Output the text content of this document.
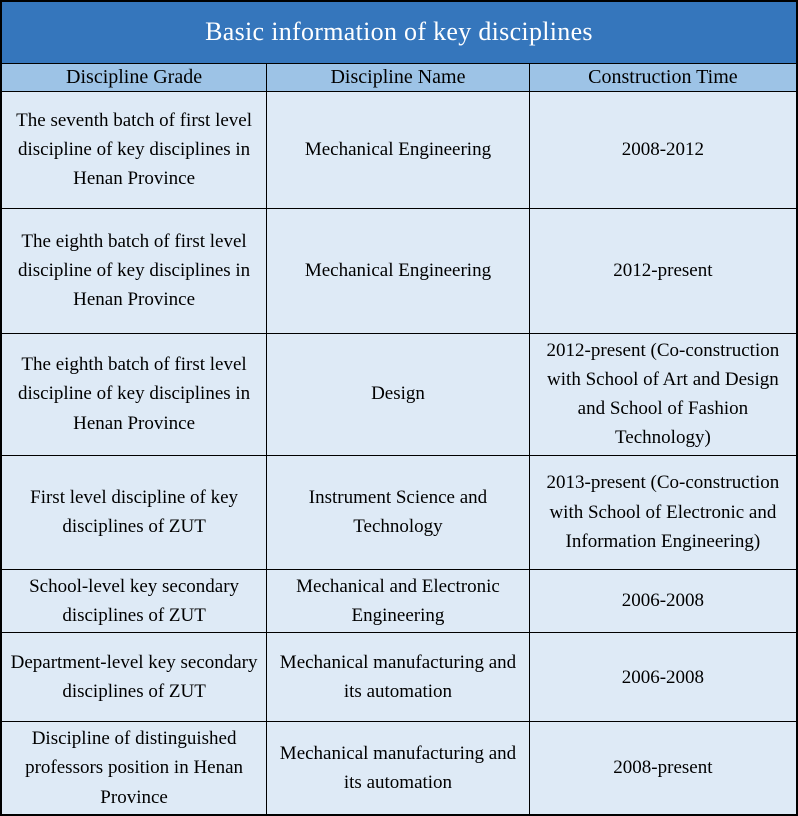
Basic information of key disciplines		
Discipline Grade	Discipline Name	Construction Time
The seventh batch of first level discipline of key disciplines in Henan Province	Mechanical Engineering	2008-2012
The eighth batch of first level discipline of key disciplines in Henan Province	Mechanical Engineering	2012-present
The eighth batch of first level discipline of key disciplines in Henan Province	Design	2012-present (Co-construction with School of Art and Design and School of Fashion Technology)
First level discipline of key disciplines of ZUT	Instrument Science and Technology	2013-present (Co-construction with School of Electronic and Information Engineering)
School-level key secondary disciplines of ZUT	Mechanical and Electronic Engineering	2006-2008
Department-level key secondary disciplines of ZUT	Mechanical manufacturing and its automation	2006-2008
Discipline of distinguished professors position in Henan Province	Mechanical manufacturing and its automation	2008-present
